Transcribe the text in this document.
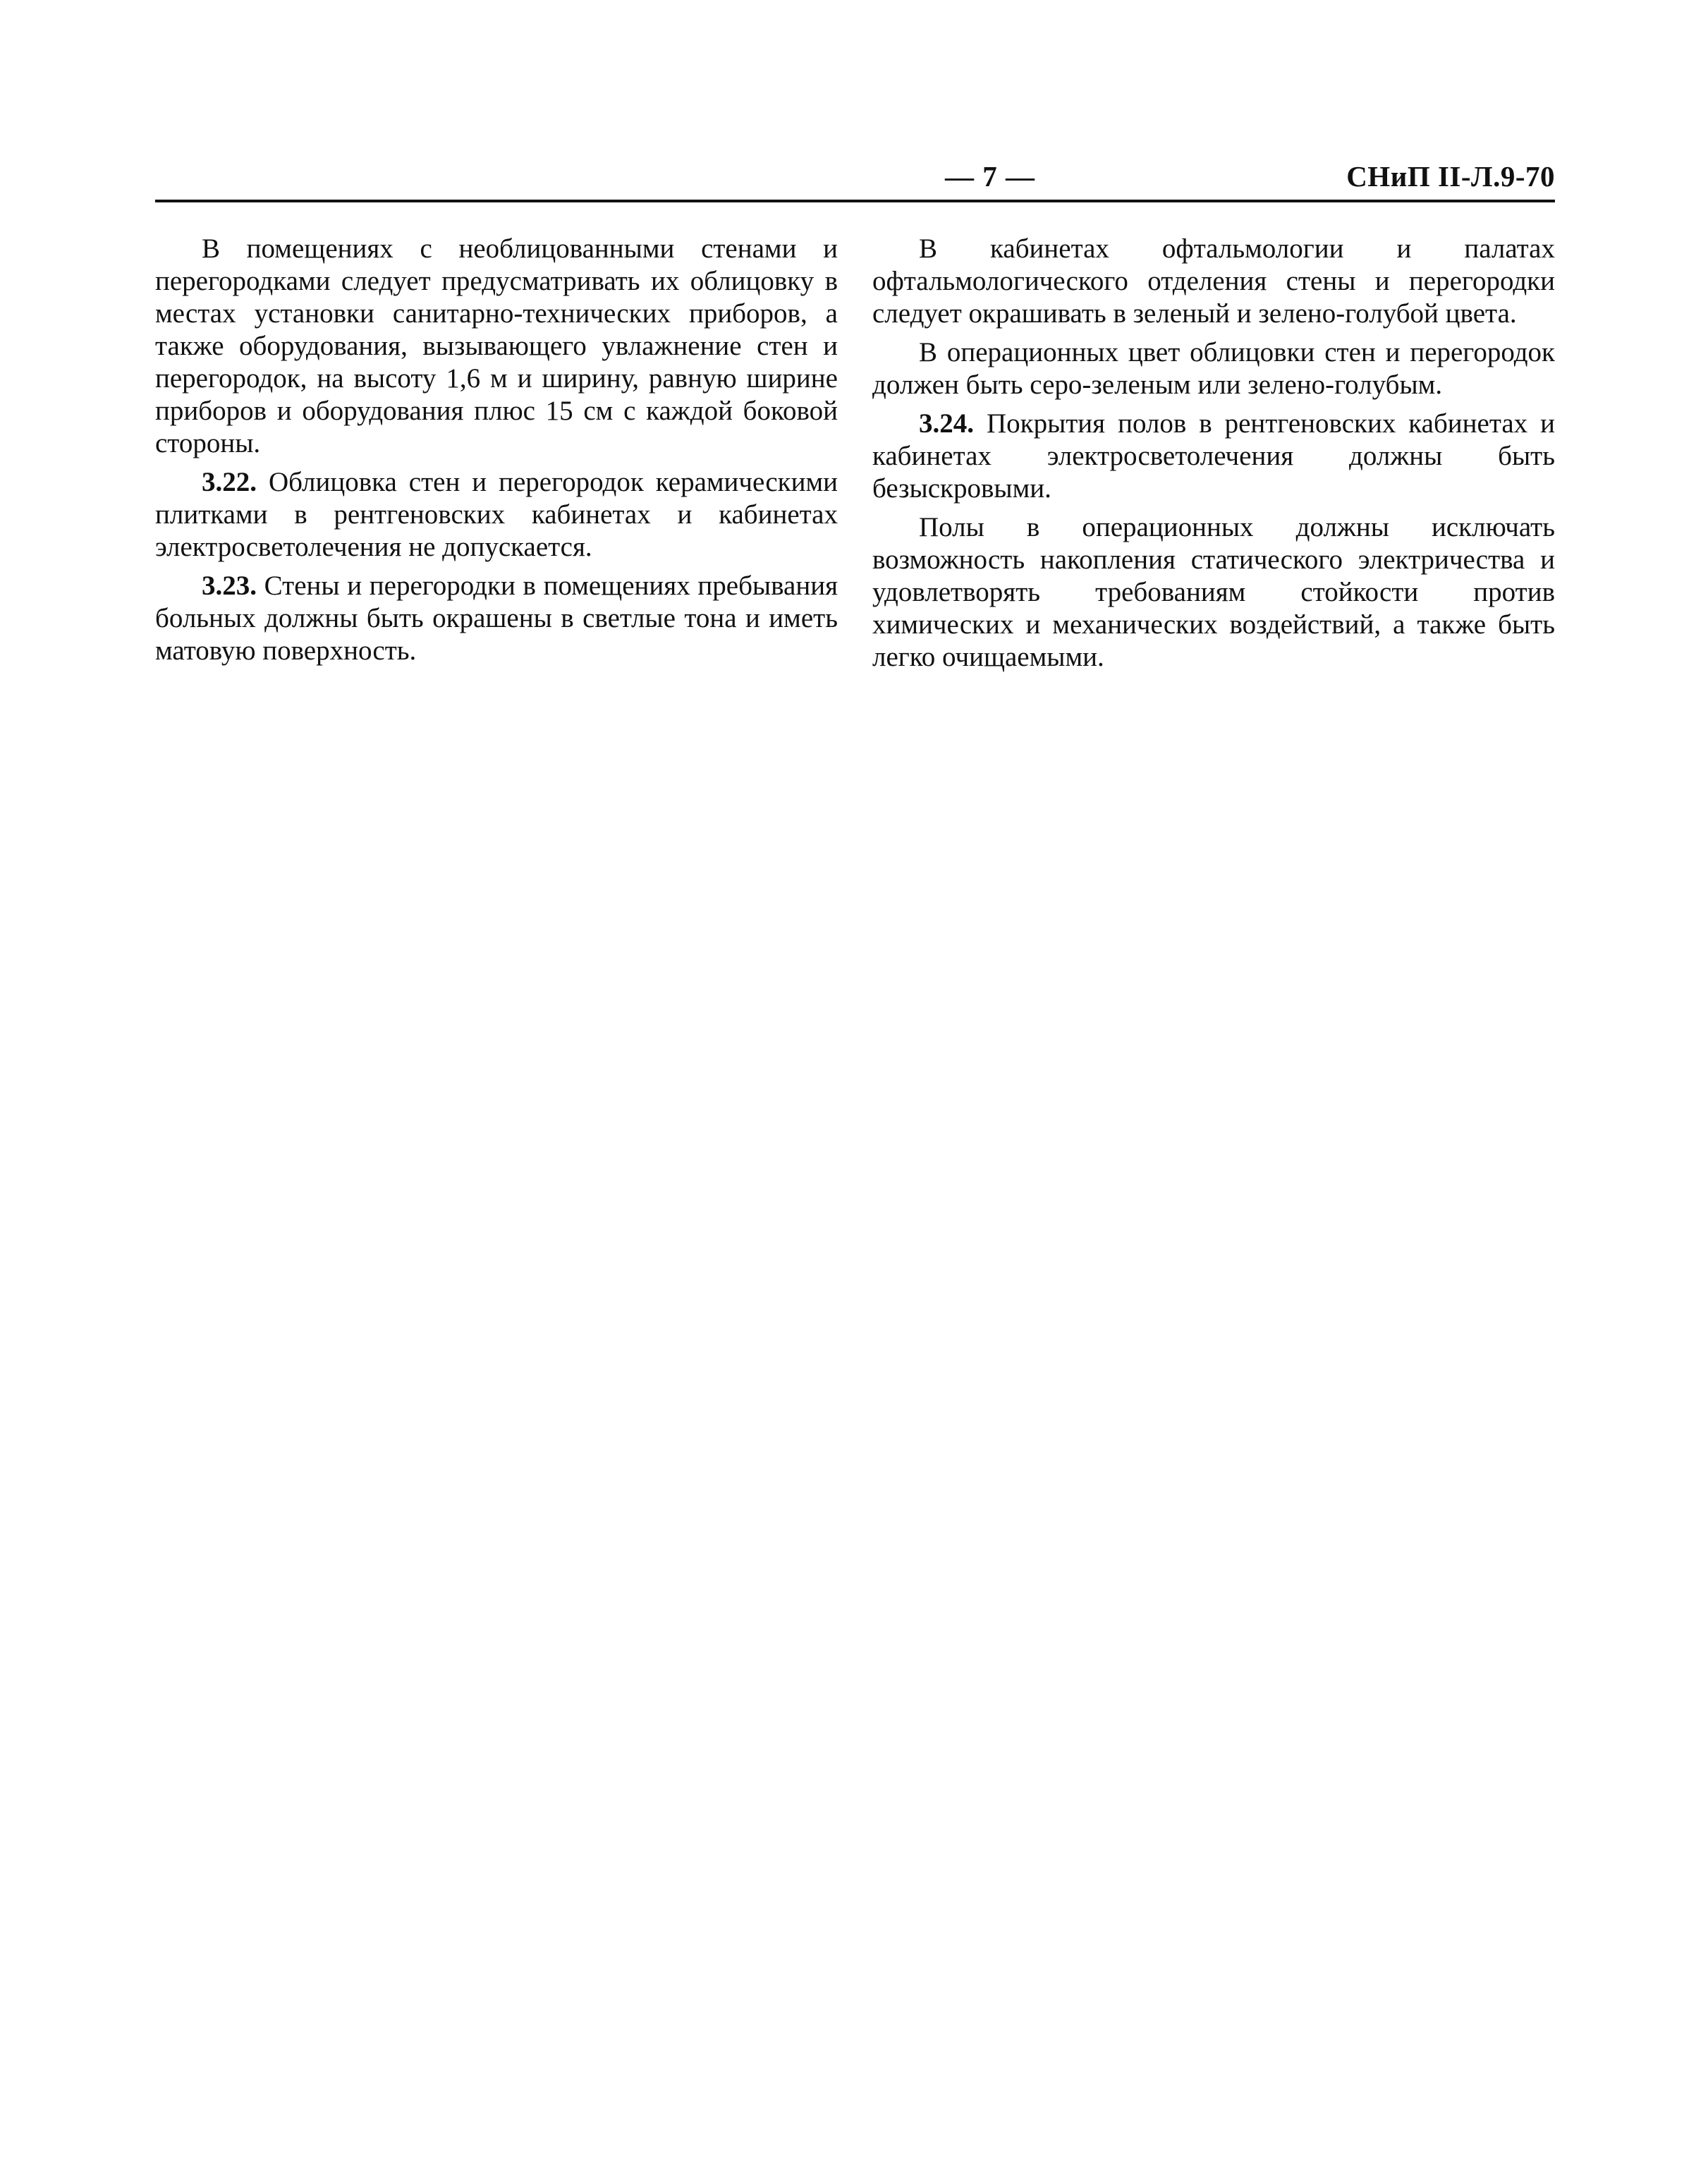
— 7 —	СНиП II-Л.9-70

В помещениях с необлицованными стенами и перегородками следует предусматривать их облицовку в местах установки санитарно-технических приборов, а также оборудования, вызывающего увлажнение стен и перегородок, на высоту 1,6 м и ширину, равную ширине приборов и оборудования плюс 15 см с каждой боковой стороны.

3.22. Облицовка стен и перегородок керамическими плитками в рентгеновских кабинетах и кабинетах электросветолечения не допускается.

3.23. Стены и перегородки в помещениях пребывания больных должны быть окрашены в светлые тона и иметь матовую поверхность.

В кабинетах офтальмологии и палатах офтальмологического отделения стены и перегородки следует окрашивать в зеленый и зелено-голубой цвета.

В операционных цвет облицовки стен и перегородок должен быть серо-зеленым или зелено-голубым.

3.24. Покрытия полов в рентгеновских кабинетах и кабинетах электросветолечения должны быть безыскровыми.

Полы в операционных должны исключать возможность накопления статического электричества и удовлетворять требованиям стойкости против химических и механических воздействий, а также быть легко очищаемыми.
